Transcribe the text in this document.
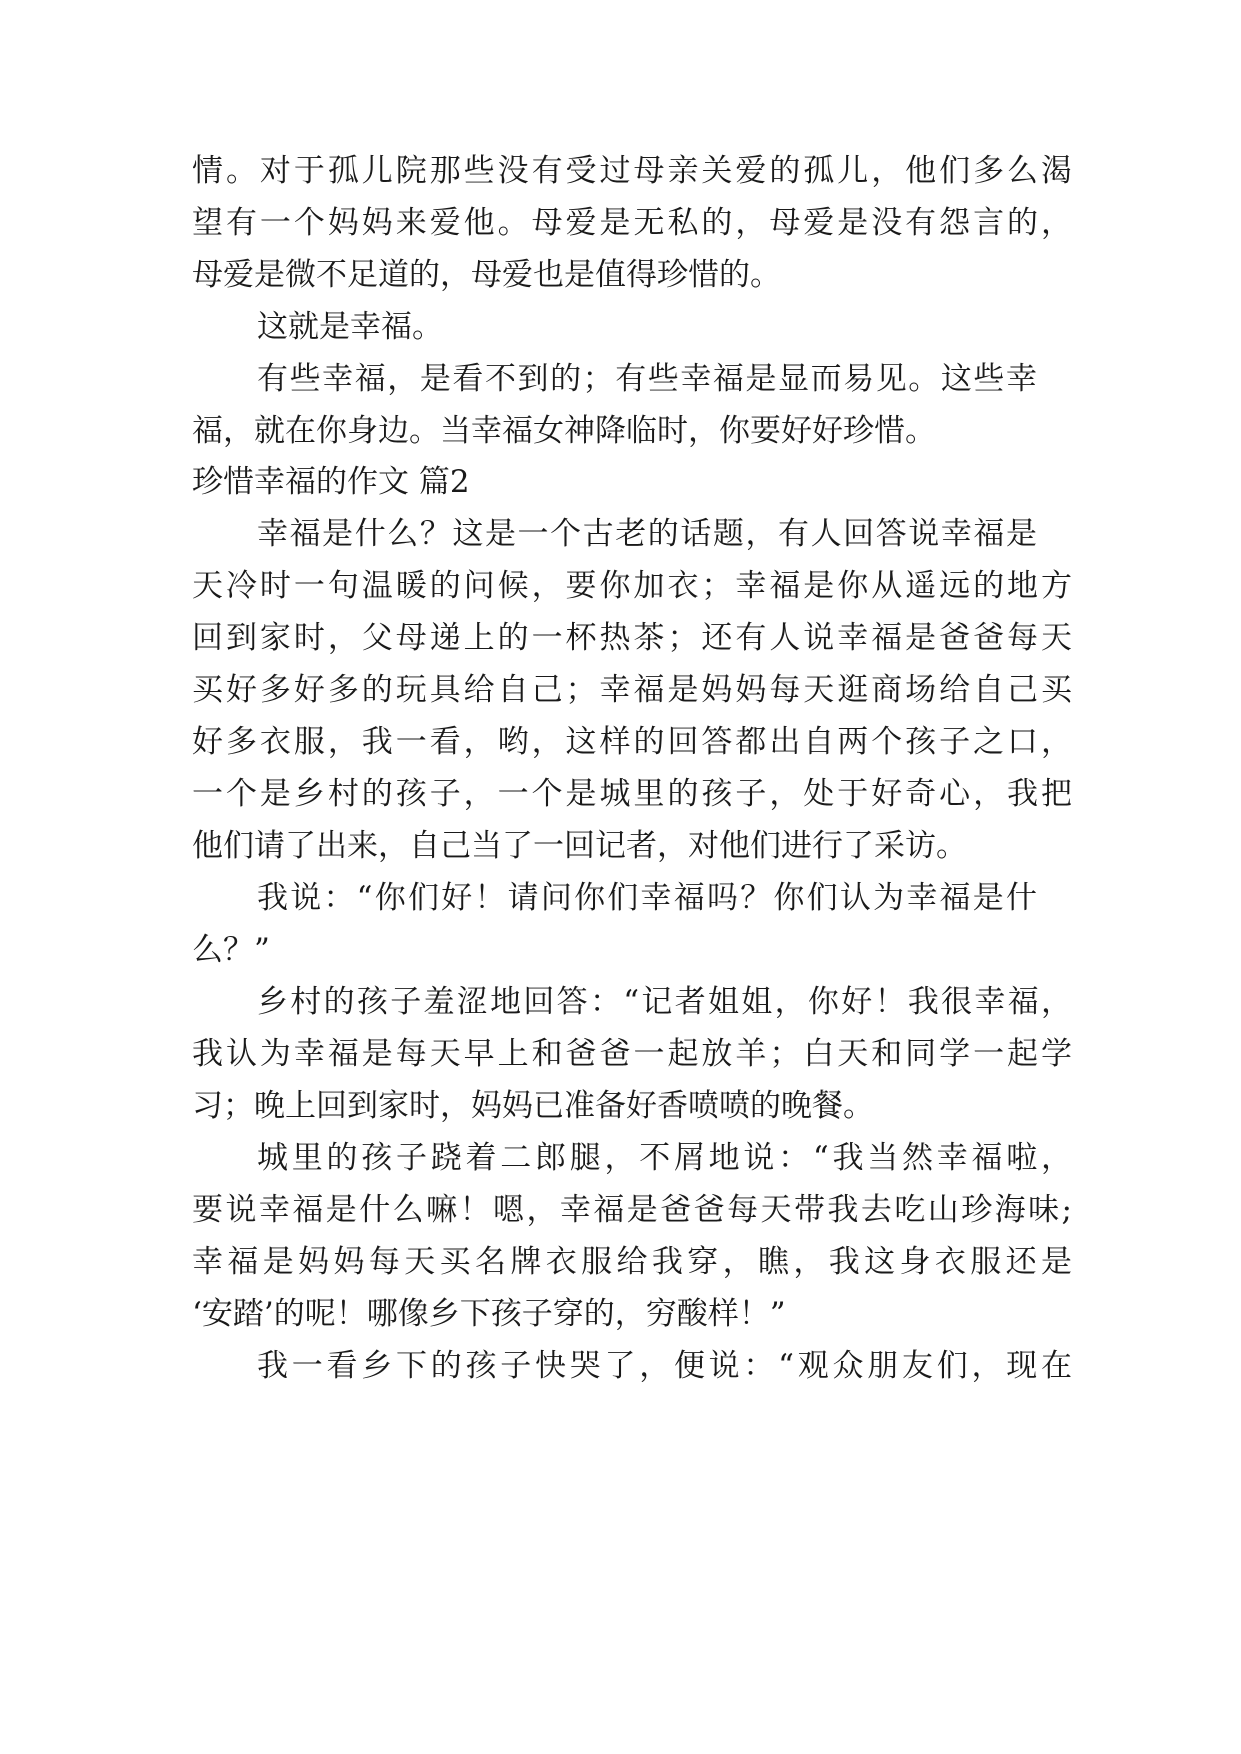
情。对于孤儿院那些没有受过母亲关爱的孤儿，他们多么渴
望有一个妈妈来爱他。母爱是无私的，母爱是没有怨言的，
母爱是微不足道的，母爱也是值得珍惜的。
这就是幸福。
有些幸福，是看不到的；有些幸福是显而易见。这些幸
福，就在你身边。当幸福女神降临时，你要好好珍惜。
珍惜幸福的作文 篇2
幸福是什么？这是一个古老的话题，有人回答说幸福是
天冷时一句温暖的问候，要你加衣；幸福是你从遥远的地方
回到家时，父母递上的一杯热茶；还有人说幸福是爸爸每天
买好多好多的玩具给自己；幸福是妈妈每天逛商场给自己买
好多衣服，我一看，哟，这样的回答都出自两个孩子之口，
一个是乡村的孩子，一个是城里的孩子，处于好奇心，我把
他们请了出来，自己当了一回记者，对他们进行了采访。
我说：“你们好！请问你们幸福吗？你们认为幸福是什
么？”
乡村的孩子羞涩地回答：“记者姐姐，你好！我很幸福，
我认为幸福是每天早上和爸爸一起放羊；白天和同学一起学
习；晚上回到家时，妈妈已准备好香喷喷的晚餐。
城里的孩子跷着二郎腿，不屑地说：“我当然幸福啦，
要说幸福是什么嘛！嗯，幸福是爸爸每天带我去吃山珍海味;
幸福是妈妈每天买名牌衣服给我穿，瞧，我这身衣服还是
‘安踏’的呢！哪像乡下孩子穿的，穷酸样！”
我一看乡下的孩子快哭了，便说：“观众朋友们，现在
